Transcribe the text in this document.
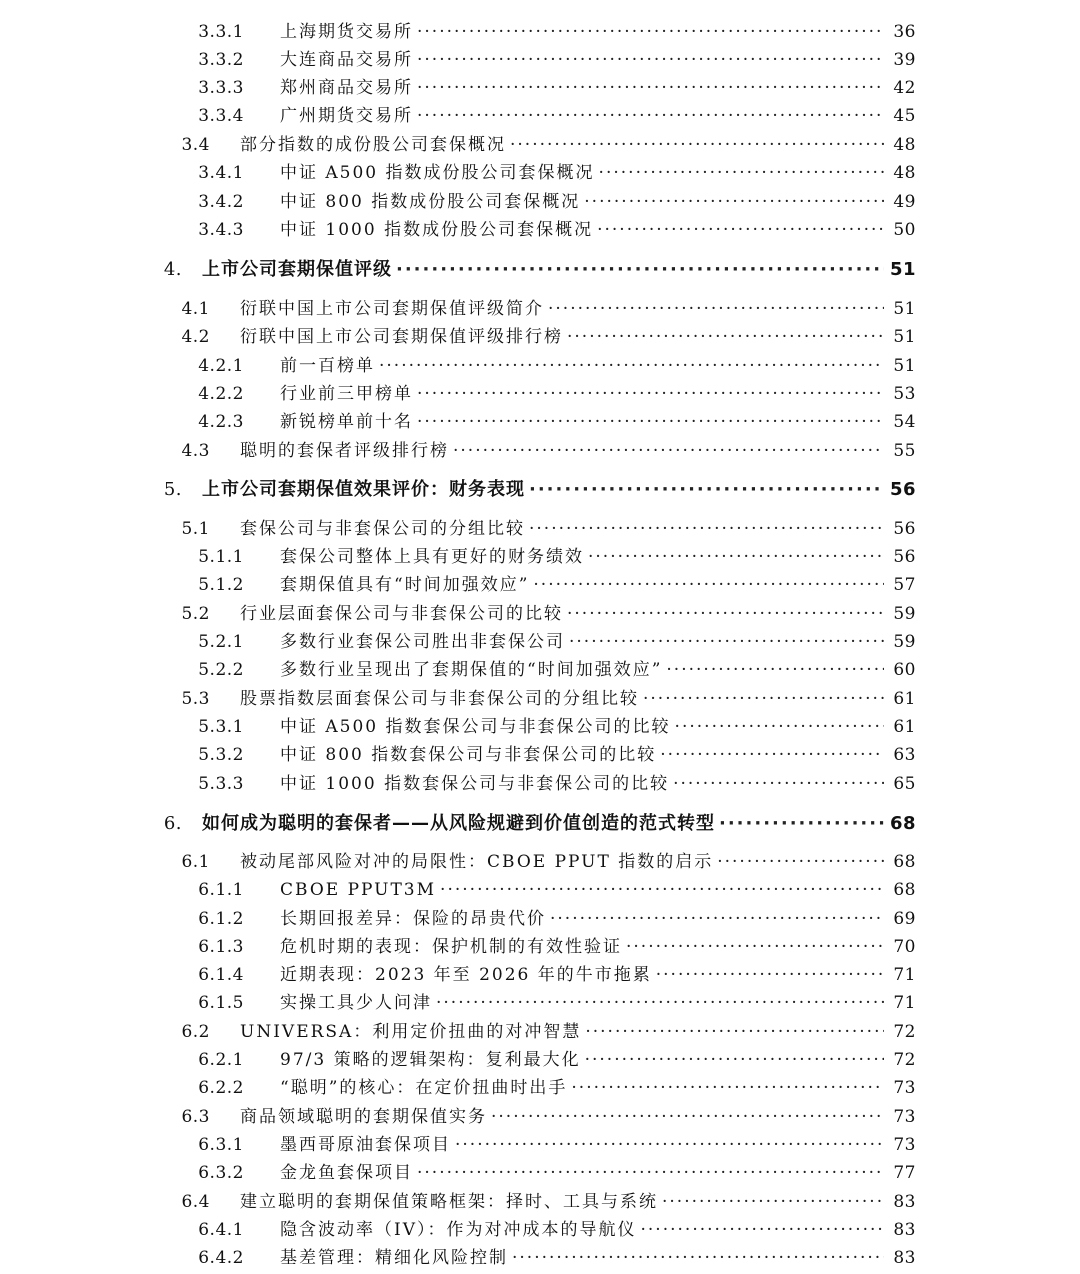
3.3.1 上海期货交易所 ·····	36
3.3.2 大连商品交易所 ·····	39
3.3.3 郑州商品交易所 ·····	42
3.3.4 广州期货交易所 ·····	45
3.4 部分指数的成份股公司套保概况 ·····	48
3.4.1 中证 A500 指数成份股公司套保概况 ·····	48
3.4.2 中证 800 指数成份股公司套保概况 ·····	49
3.4.3 中证 1000 指数成份股公司套保概况 ·····	50
4. 上市公司套期保值评级 ·····	51
4.1 衍联中国上市公司套期保值评级简介 ·····	51
4.2 衍联中国上市公司套期保值评级排行榜 ·····	51
4.2.1 前一百榜单 ·····	51
4.2.2 行业前三甲榜单 ·····	53
4.2.3 新锐榜单前十名 ·····	54
4.3 聪明的套保者评级排行榜 ·····	55
5. 上市公司套期保值效果评价：财务表现 ·····	56
5.1 套保公司与非套保公司的分组比较 ·····	56
5.1.1 套保公司整体上具有更好的财务绩效 ·····	56
5.1.2 套期保值具有“时间加强效应” ·····	57
5.2 行业层面套保公司与非套保公司的比较 ·····	59
5.2.1 多数行业套保公司胜出非套保公司 ·····	59
5.2.2 多数行业呈现出了套期保值的“时间加强效应” ·····	60
5.3 股票指数层面套保公司与非套保公司的分组比较 ·····	61
5.3.1 中证 A500 指数套保公司与非套保公司的比较 ·····	61
5.3.2 中证 800 指数套保公司与非套保公司的比较 ·····	63
5.3.3 中证 1000 指数套保公司与非套保公司的比较 ·····	65
6. 如何成为聪明的套保者——从风险规避到价值创造的范式转型 ·····	68
6.1 被动尾部风险对冲的局限性：CBOE PPUT 指数的启示 ·····	68
6.1.1 CBOE PPUT3M ·····	68
6.1.2 长期回报差异：保险的昂贵代价 ·····	69
6.1.3 危机时期的表现：保护机制的有效性验证 ·····	70
6.1.4 近期表现：2023 年至 2026 年的牛市拖累 ·····	71
6.1.5 实操工具少人问津 ·····	71
6.2 UNIVERSA：利用定价扭曲的对冲智慧 ·····	72
6.2.1 97/3 策略的逻辑架构：复利最大化 ·····	72
6.2.2 “聪明”的核心：在定价扭曲时出手 ·····	73
6.3 商品领域聪明的套期保值实务 ·····	73
6.3.1 墨西哥原油套保项目 ·····	73
6.3.2 金龙鱼套保项目 ·····	77
6.4 建立聪明的套期保值策略框架：择时、工具与系统 ·····	83
6.4.1 隐含波动率（IV）：作为对冲成本的导航仪 ·····	83
6.4.2 基差管理：精细化风险控制 ·····	83
